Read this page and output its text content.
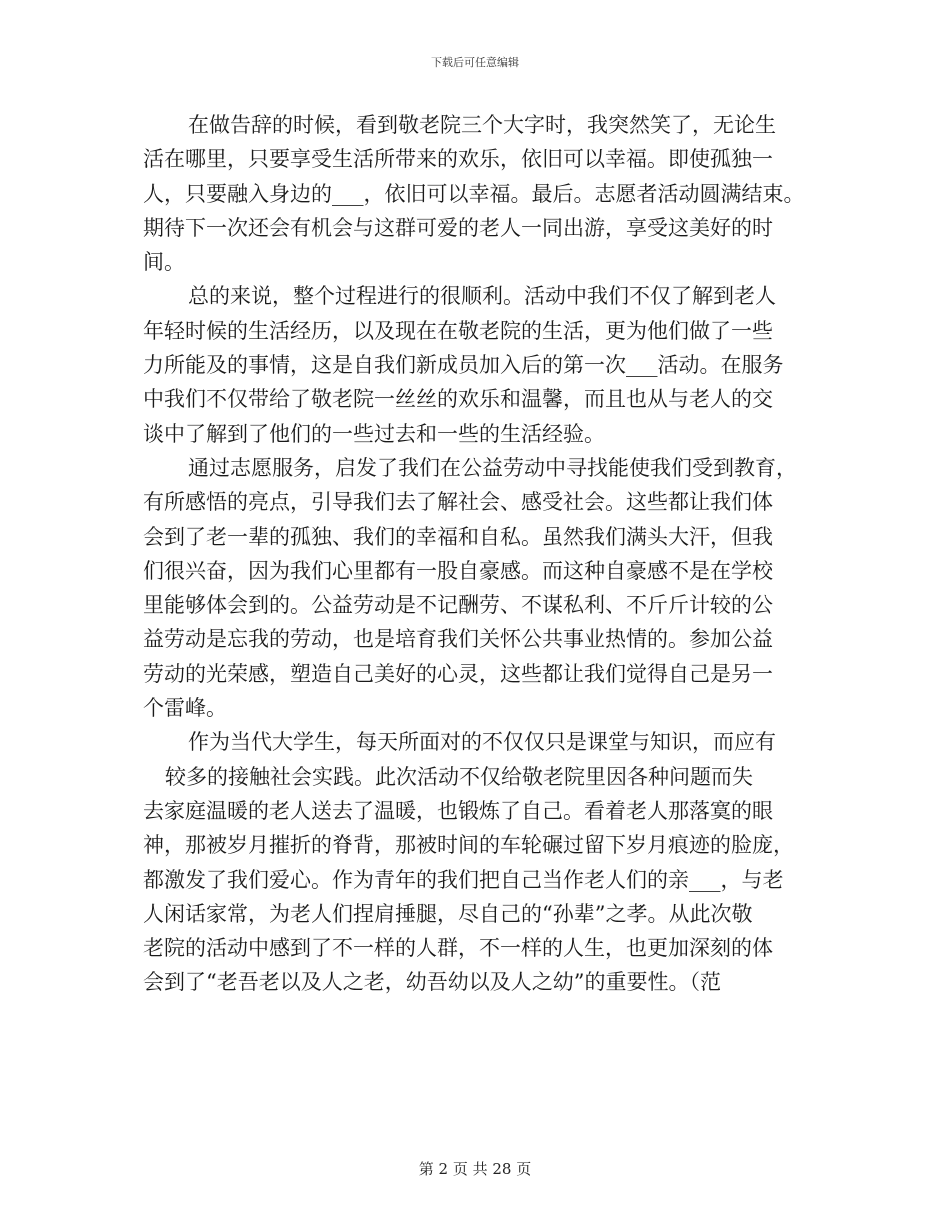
下载后可任意编辑
在做告辞的时候，看到敬老院三个大字时，我突然笑了，无论生
活在哪里，只要享受生活所带来的欢乐，依旧可以幸福。即使孤独一
人，只要融入身边的___，依旧可以幸福。最后。志愿者活动圆满结束。
期待下一次还会有机会与这群可爱的老人一同出游，享受这美好的时
间。
总的来说，整个过程进行的很顺利。活动中我们不仅了解到老人
年轻时候的生活经历，以及现在在敬老院的生活，更为他们做了一些
力所能及的事情，这是自我们新成员加入后的第一次___活动。在服务
中我们不仅带给了敬老院一丝丝的欢乐和温馨，而且也从与老人的交
谈中了解到了他们的一些过去和一些的生活经验。
通过志愿服务，启发了我们在公益劳动中寻找能使我们受到教育，
有所感悟的亮点，引导我们去了解社会、感受社会。这些都让我们体
会到了老一辈的孤独、我们的幸福和自私。虽然我们满头大汗，但我
们很兴奋，因为我们心里都有一股自豪感。而这种自豪感不是在学校
里能够体会到的。公益劳动是不记酬劳、不谋私利、不斤斤计较的公
益劳动是忘我的劳动，也是培育我们关怀公共事业热情的。参加公益
劳动的光荣感，塑造自己美好的心灵，这些都让我们觉得自己是另一
个雷峰。
作为当代大学生，每天所面对的不仅仅只是课堂与知识，而应有
较多的接触社会实践。此次活动不仅给敬老院里因各种问题而失
去家庭温暖的老人送去了温暖，也锻炼了自己。看着老人那落寞的眼
神，那被岁月摧折的脊背，那被时间的车轮碾过留下岁月痕迹的脸庞，
都激发了我们爱心。作为青年的我们把自己当作老人们的亲___，与老
人闲话家常，为老人们捏肩捶腿，尽自己的“孙辈”之孝。从此次敬
老院的活动中感到了不一样的人群，不一样的人生，也更加深刻的体
会到了“老吾老以及人之老，幼吾幼以及人之幼”的重要性。（范
第 2 页 共 28 页
